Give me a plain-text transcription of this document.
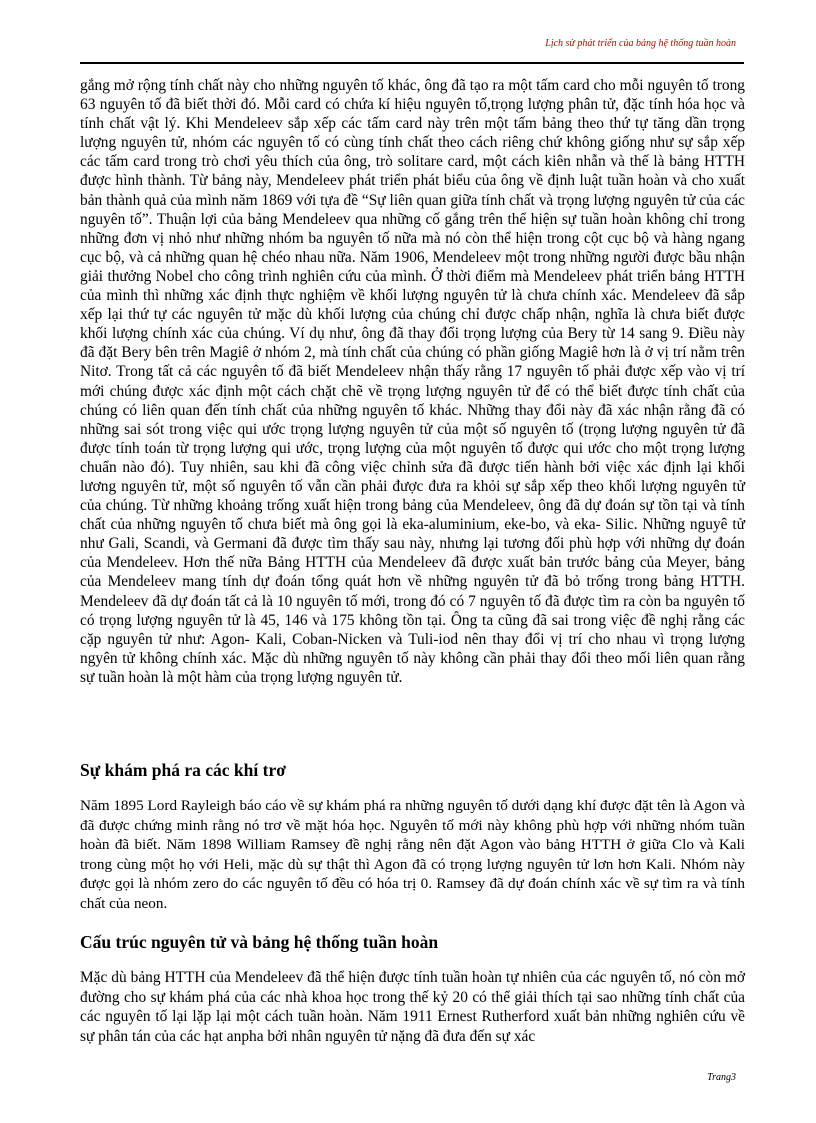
Lịch sử phát triển của bảng hệ thống tuần hoàn

gắng mở rộng tính chất này cho những nguyên tố khác, ông đã tạo ra một tấm card cho mỗi nguyên tố trong 63 nguyên tố đã biết thời đó. Mỗi card có chứa kí hiệu nguyên tố,trọng lượng phân tử, đặc tính hóa học và tính chất vật lý. Khi Mendeleev sắp xếp các tấm card này trên một tấm bảng theo thứ tự tăng dần trọng lượng nguyên tử, nhóm các nguyên tố có cùng tính chất theo cách riêng chứ không giống như sự sắp xếp các tấm card trong trò chơi yêu thích của ông, trò solitare card, một cách kiên nhẫn và thế là bảng HTTH được hình thành. Từ bảng này, Mendeleev phát triển phát biểu của ông về định luật tuần hoàn và cho xuất bản thành quả của mình năm 1869 với tựa đề “Sự liên quan giữa tính chất và trọng lượng nguyên tử của các nguyên tố”. Thuận lợi của bảng Mendeleev qua những cố gắng trên thể hiện sự tuần hoàn không chỉ trong những đơn vị nhỏ như những nhóm ba nguyên tố nữa mà nó còn thể hiện trong cột cục bộ và hàng ngang cục bộ, và cả những quan hệ chéo nhau nữa. Năm 1906, Mendeleev một trong những người được bầu nhận giải thưởng Nobel cho công trình nghiên cứu của mình. Ở thời điểm mà Mendeleev phát triển bảng HTTH của mình thì những xác định thực nghiệm về khối lượng nguyên tử là chưa chính xác. Mendeleev đã sắp xếp lại thứ tự các nguyên tử mặc dù khối lượng của chúng chỉ được chấp nhận, nghĩa là chưa biết được khối lượng chính xác của chúng. Ví dụ như, ông đã thay đổi trọng lượng của Bery từ 14 sang 9. Điều này đã đặt Bery bên trên Magiê ở nhóm 2, mà tính chất của chúng có phần giống Magiê hơn là ở vị trí nằm trên Nitơ. Trong tất cả các nguyên tố đã biết Mendeleev nhận thấy rằng 17 nguyên tố phải được xếp vào vị trí mới chúng được xác định một cách chặt chẽ về trọng lượng nguyên tử để có thể biết được tính chất của chúng có liên quan đến tính chất của những nguyên tố khác. Những thay đổi này đã xác nhận rằng đã có những sai sót trong việc qui ước trọng lượng nguyên tử của một số nguyên tố (trọng lượng nguyên tử đã được tính toán từ trọng lượng qui ước, trọng lượng của một nguyên tố được qui ước cho một trọng lượng chuẩn nào đó). Tuy nhiên, sau khi đã công việc chỉnh sửa đã được tiến hành bởi việc xác định lại khối lương nguyên tử, một số nguyên tố vẫn cần phải được đưa ra khỏi sự sắp xếp theo khối lượng nguyên tử của chúng. Từ những khoảng trống xuất hiện trong bảng của Mendeleev, ông đã dự đoán sự tồn tại và tính chất của những nguyên tố chưa biết mà ông gọi là eka-aluminium, eke-bo, và eka- Silic. Những nguyê tử như Gali, Scandi, và Germani đã được tìm thấy sau này, nhưng lại tương đối phù hợp với những dự đoán của Mendeleev. Hơn thế nữa Bảng HTTH của Mendeleev đã được xuất bản trước bảng của Meyer, bảng của Mendeleev mang tính dự đoán tổng quát hơn về những nguyên tử đã bỏ trống trong bảng HTTH. Mendeleev đã dự đoán tất cả là 10 nguyên tố mới, trong đó có 7 nguyên tố đã được tìm ra còn ba nguyên tố có trọng lượng nguyên tử là 45, 146 và 175 không tồn tại. Ông ta cũng đã sai trong việc đề nghị rằng các cặp nguyên tử như: Agon- Kali, Coban-Nicken và Tuli-iod nên thay đổi vị trí cho nhau vì trọng lượng ngyên tử không chính xác. Mặc dù những nguyên tố này không cần phải thay đổi theo mối liên quan rằng sự tuần hoàn là một hàm của trọng lượng nguyên tử.

Sự khám phá ra các khí trơ

Năm 1895 Lord Rayleigh báo cáo về sự khám phá ra những nguyên tố dưới dạng khí được đặt tên là Agon và đã được chứng minh rằng nó trơ về mặt hóa học. Nguyên tố mới này không phù hợp với những nhóm tuần hoàn đã biết. Năm 1898 William Ramsey đề nghị rằng nên đặt Agon vào bảng HTTH ở giữa Clo và Kali trong cùng một họ với Heli, mặc dù sự thật thì Agon đã có trọng lượng nguyên tử lơn hơn Kali. Nhóm này được gọi là nhóm zero do các nguyên tố đều có hóa trị 0. Ramsey đã dự đoán chính xác về sự tìm ra và tính chất của neon.

Cấu trúc nguyên tử và bảng hệ thống tuần hoàn

Mặc dù bảng HTTH của Mendeleev đã thể hiện được tính tuần hoàn tự nhiên của các nguyên tố, nó còn mở đường cho sự khám phá của các nhà khoa học trong thế kỷ 20 có thể giải thích tại sao những tính chất của các nguyên tố lại lặp lại một cách tuần hoàn. Năm 1911 Ernest Rutherford xuất bản những nghiên cứu về sự phân tán của các hạt anpha bởi nhân nguyên tử nặng đã đưa đến sự xác

Trang3
